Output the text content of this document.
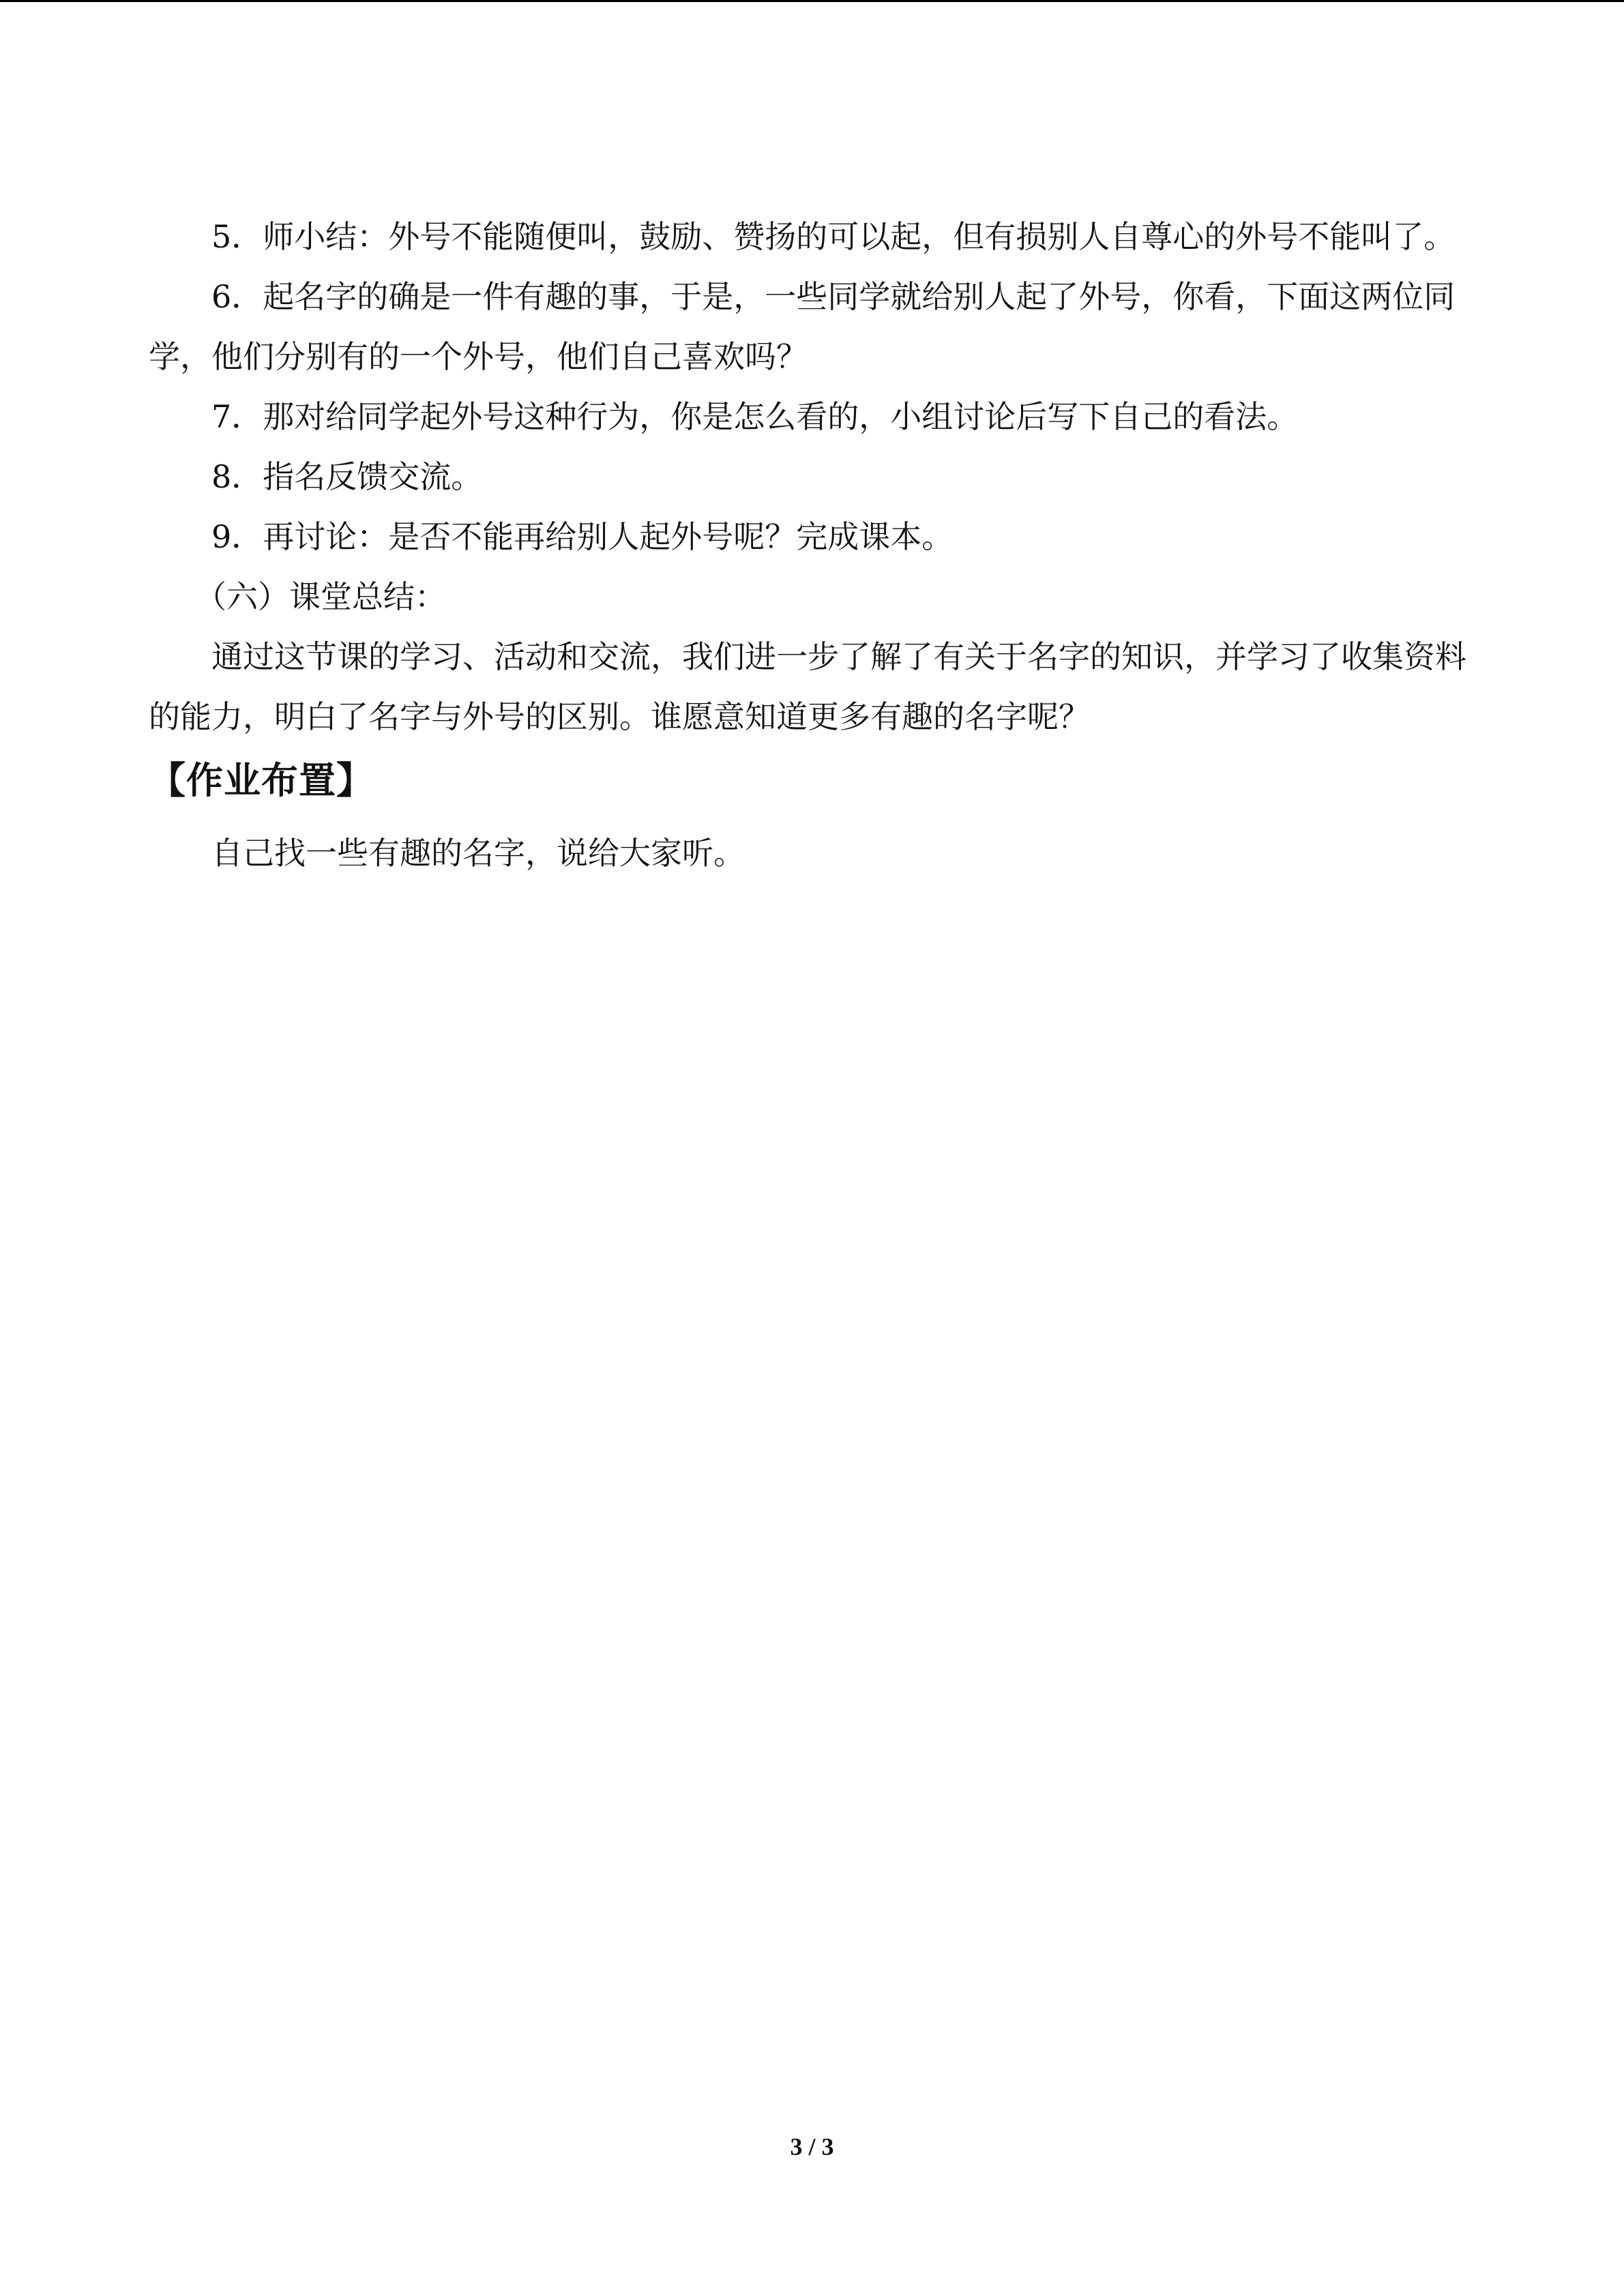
5．师小结：外号不能随便叫，鼓励、赞扬的可以起，但有损别人自尊心的外号不能叫了。

6．起名字的确是一件有趣的事，于是，一些同学就给别人起了外号，你看，下面这两位同学，他们分别有的一个外号，他们自己喜欢吗？

7．那对给同学起外号这种行为，你是怎么看的，小组讨论后写下自己的看法。

8．指名反馈交流。

9．再讨论：是否不能再给别人起外号呢？完成课本。

（六）课堂总结：

通过这节课的学习、活动和交流，我们进一步了解了有关于名字的知识，并学习了收集资料的能力，明白了名字与外号的区别。谁愿意知道更多有趣的名字呢？

【作业布置】

自己找一些有趣的名字，说给大家听。

3 / 3
